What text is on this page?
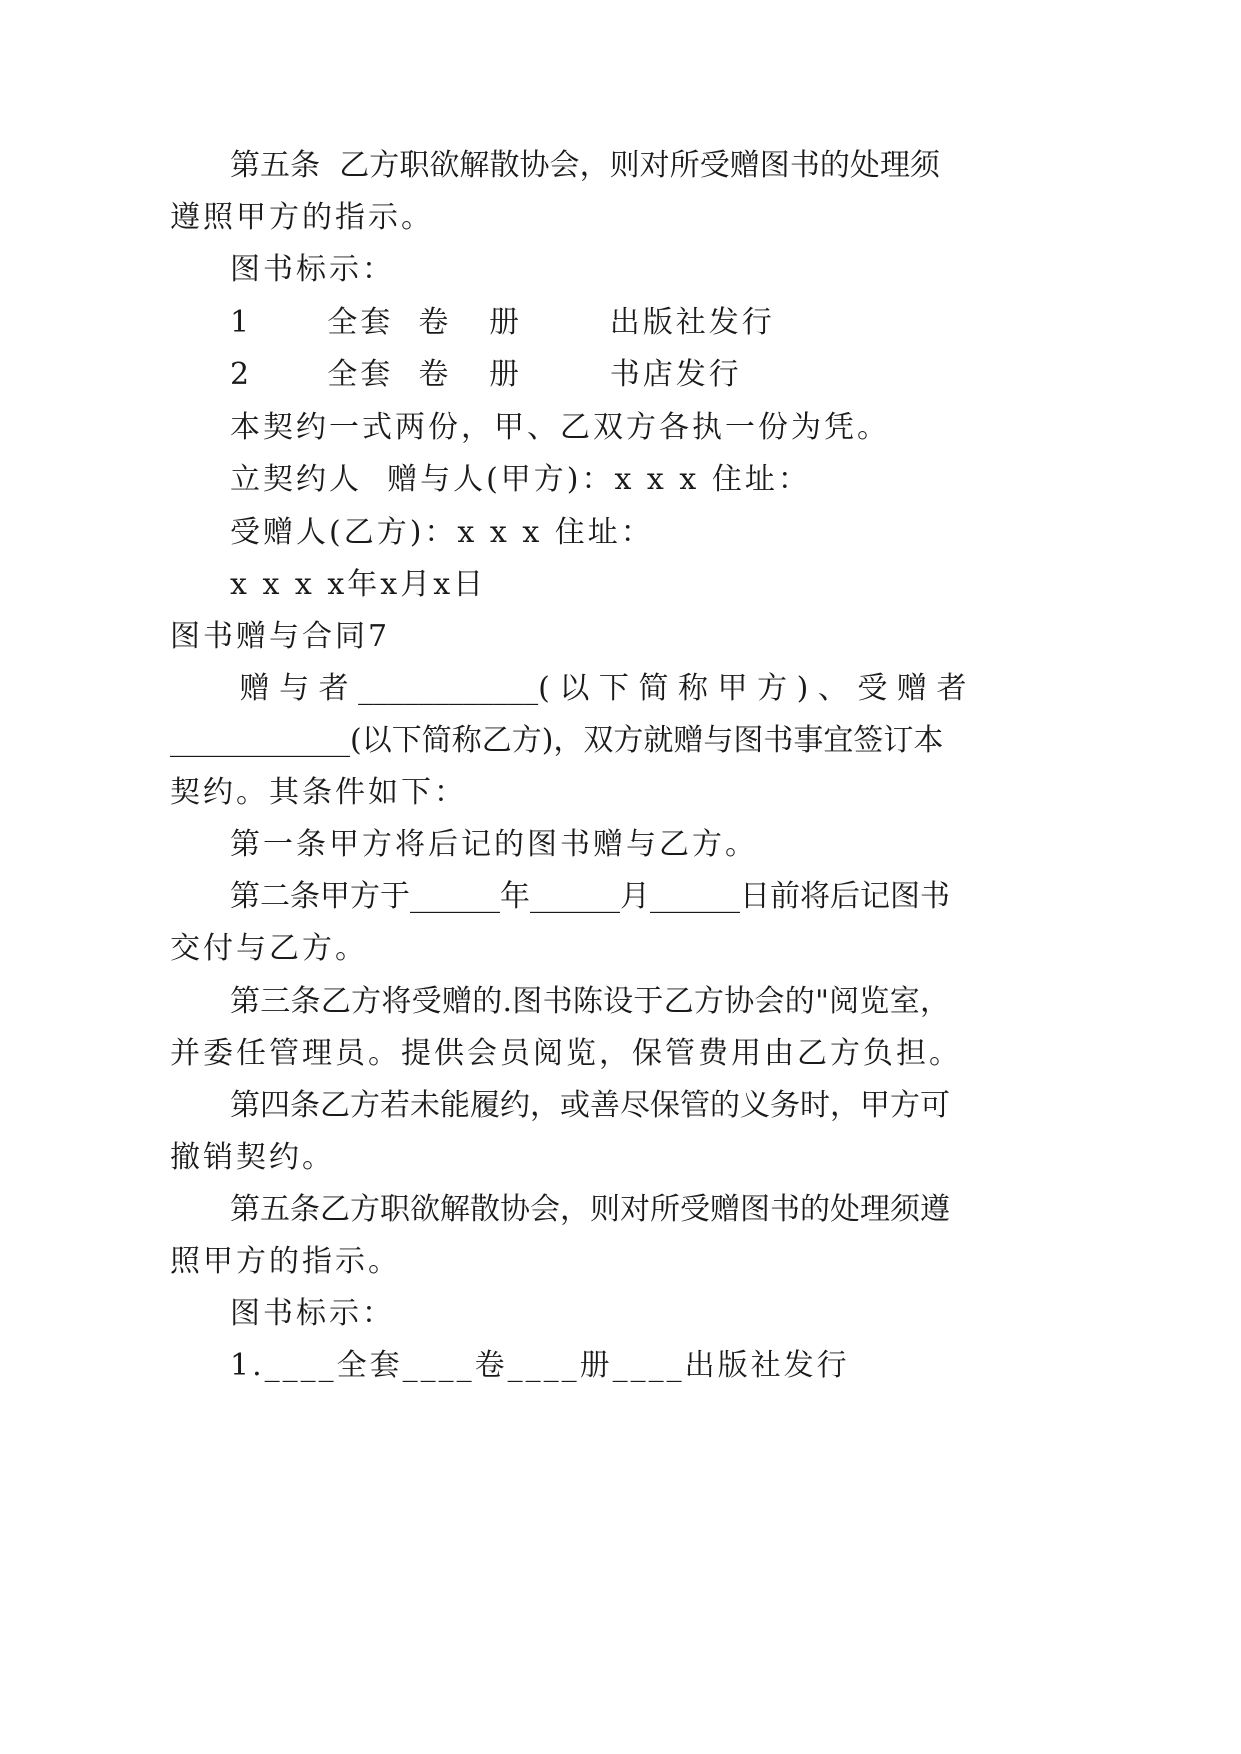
第五条  乙方职欲解散协会，则对所受赠图书的处理须
遵照甲方的指示。
图书标示：
1      全套  卷   册       出版社发行
2      全套  卷   册       书店发行
本契约一式两份，甲、乙双方各执一份为凭。
立契约人  赠与人(甲方)：x x x 住址：
受赠人(乙方)：x x x 住址：
x x x x年x月x日
图书赠与合同7
赠 与 者 ____________( 以 下 简 称 甲 方 ) 、 受 赠 者
____________(以下简称乙方)，双方就赠与图书事宜签订本
契约。其条件如下：
第一条甲方将后记的图书赠与乙方。
第二条甲方于______年______月______日前将后记图书
交付与乙方。
第三条乙方将受赠的.图书陈设于乙方协会的"阅览室，
并委任管理员。提供会员阅览，保管费用由乙方负担。
第四条乙方若未能履约，或善尽保管的义务时，甲方可
撤销契约。
第五条乙方职欲解散协会，则对所受赠图书的处理须遵
照甲方的指示。
图书标示：
1.____全套____卷____册____出版社发行
